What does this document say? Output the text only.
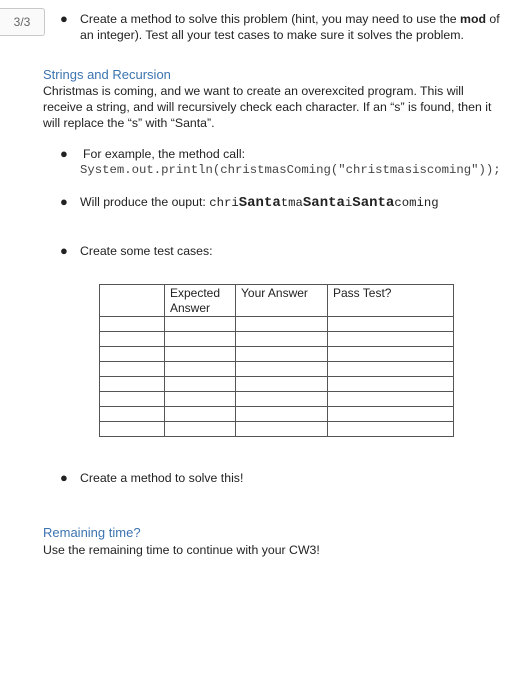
3/3	● Create a method to solve this problem (hint, you may need to use the mod of an integer). Test all your test cases to make sure it solves the problem.
Strings and Recursion
Christmas is coming, and we want to create an overexcited program. This will receive a string, and will recursively check each character. If an “s” is found, then it will replace the “s” with “Santa”.
●	For example, the method call:
System.out.println(christmasComing("christmasiscoming"));
● Will produce the ouput: chriSantatmaSantaiSantacoming
● Create some test cases:
	Expected Answer	Your Answer	Pass Test?

● Create a method to solve this!
Remaining time?
Use the remaining time to continue with your CW3!
